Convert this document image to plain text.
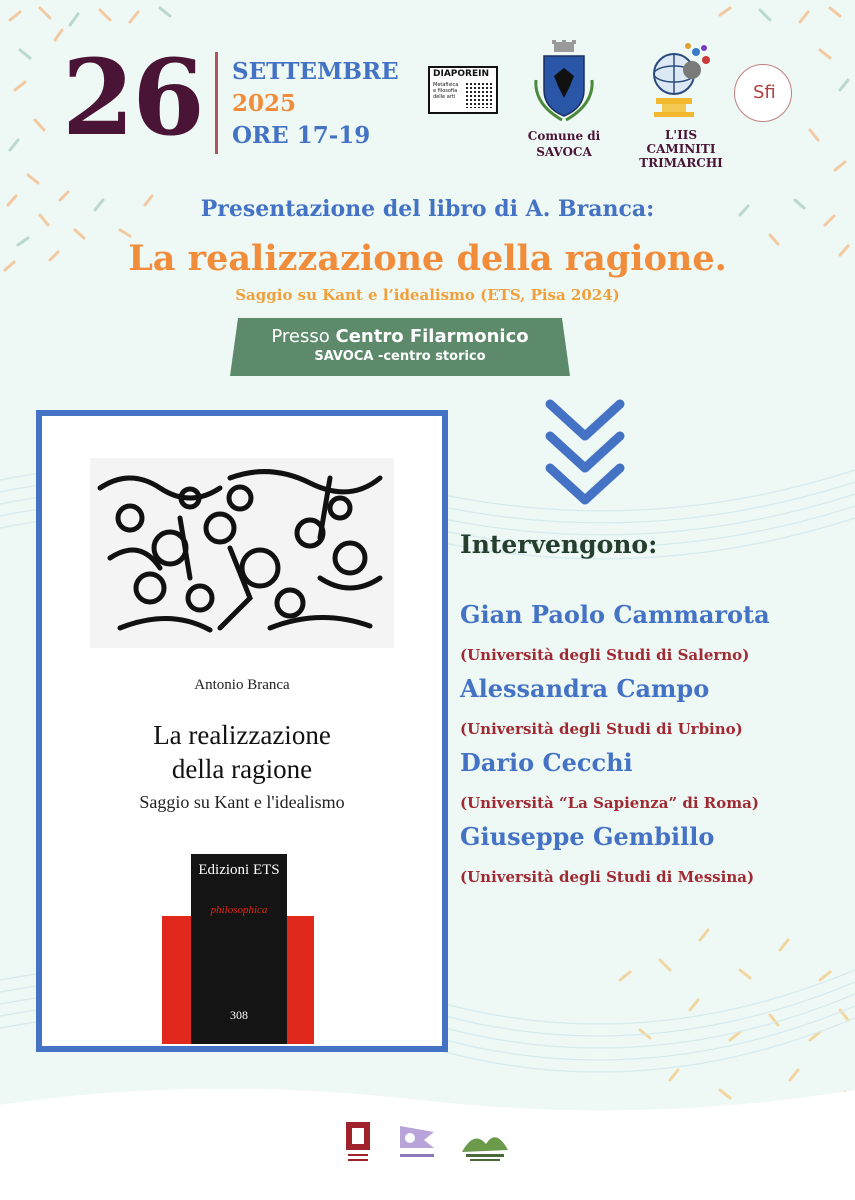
26 SETTEMBRE
2025
ORE 17-19
DIAPOREIN
Metafisica e filosofia delle arti
Comune di
SAVOCA
L'IIS
CAMINITI
TRIMARCHI
Sfi
Presentazione del libro di A. Branca:
La realizzazione della ragione.
Saggio su Kant e l’idealismo (ETS, Pisa 2024)
Presso Centro Filarmonico
SAVOCA -centro storico
Antonio Branca
La realizzazione
della ragione
Saggio su Kant e l'idealismo
Edizioni ETS
philosophica
308
Intervengono:
Gian Paolo Cammarota
(Università degli Studi di Salerno)
Alessandra Campo
(Università degli Studi di Urbino)
Dario Cecchi
(Università “La Sapienza” di Roma)
Giuseppe Gembillo
(Università degli Studi di Messina)
